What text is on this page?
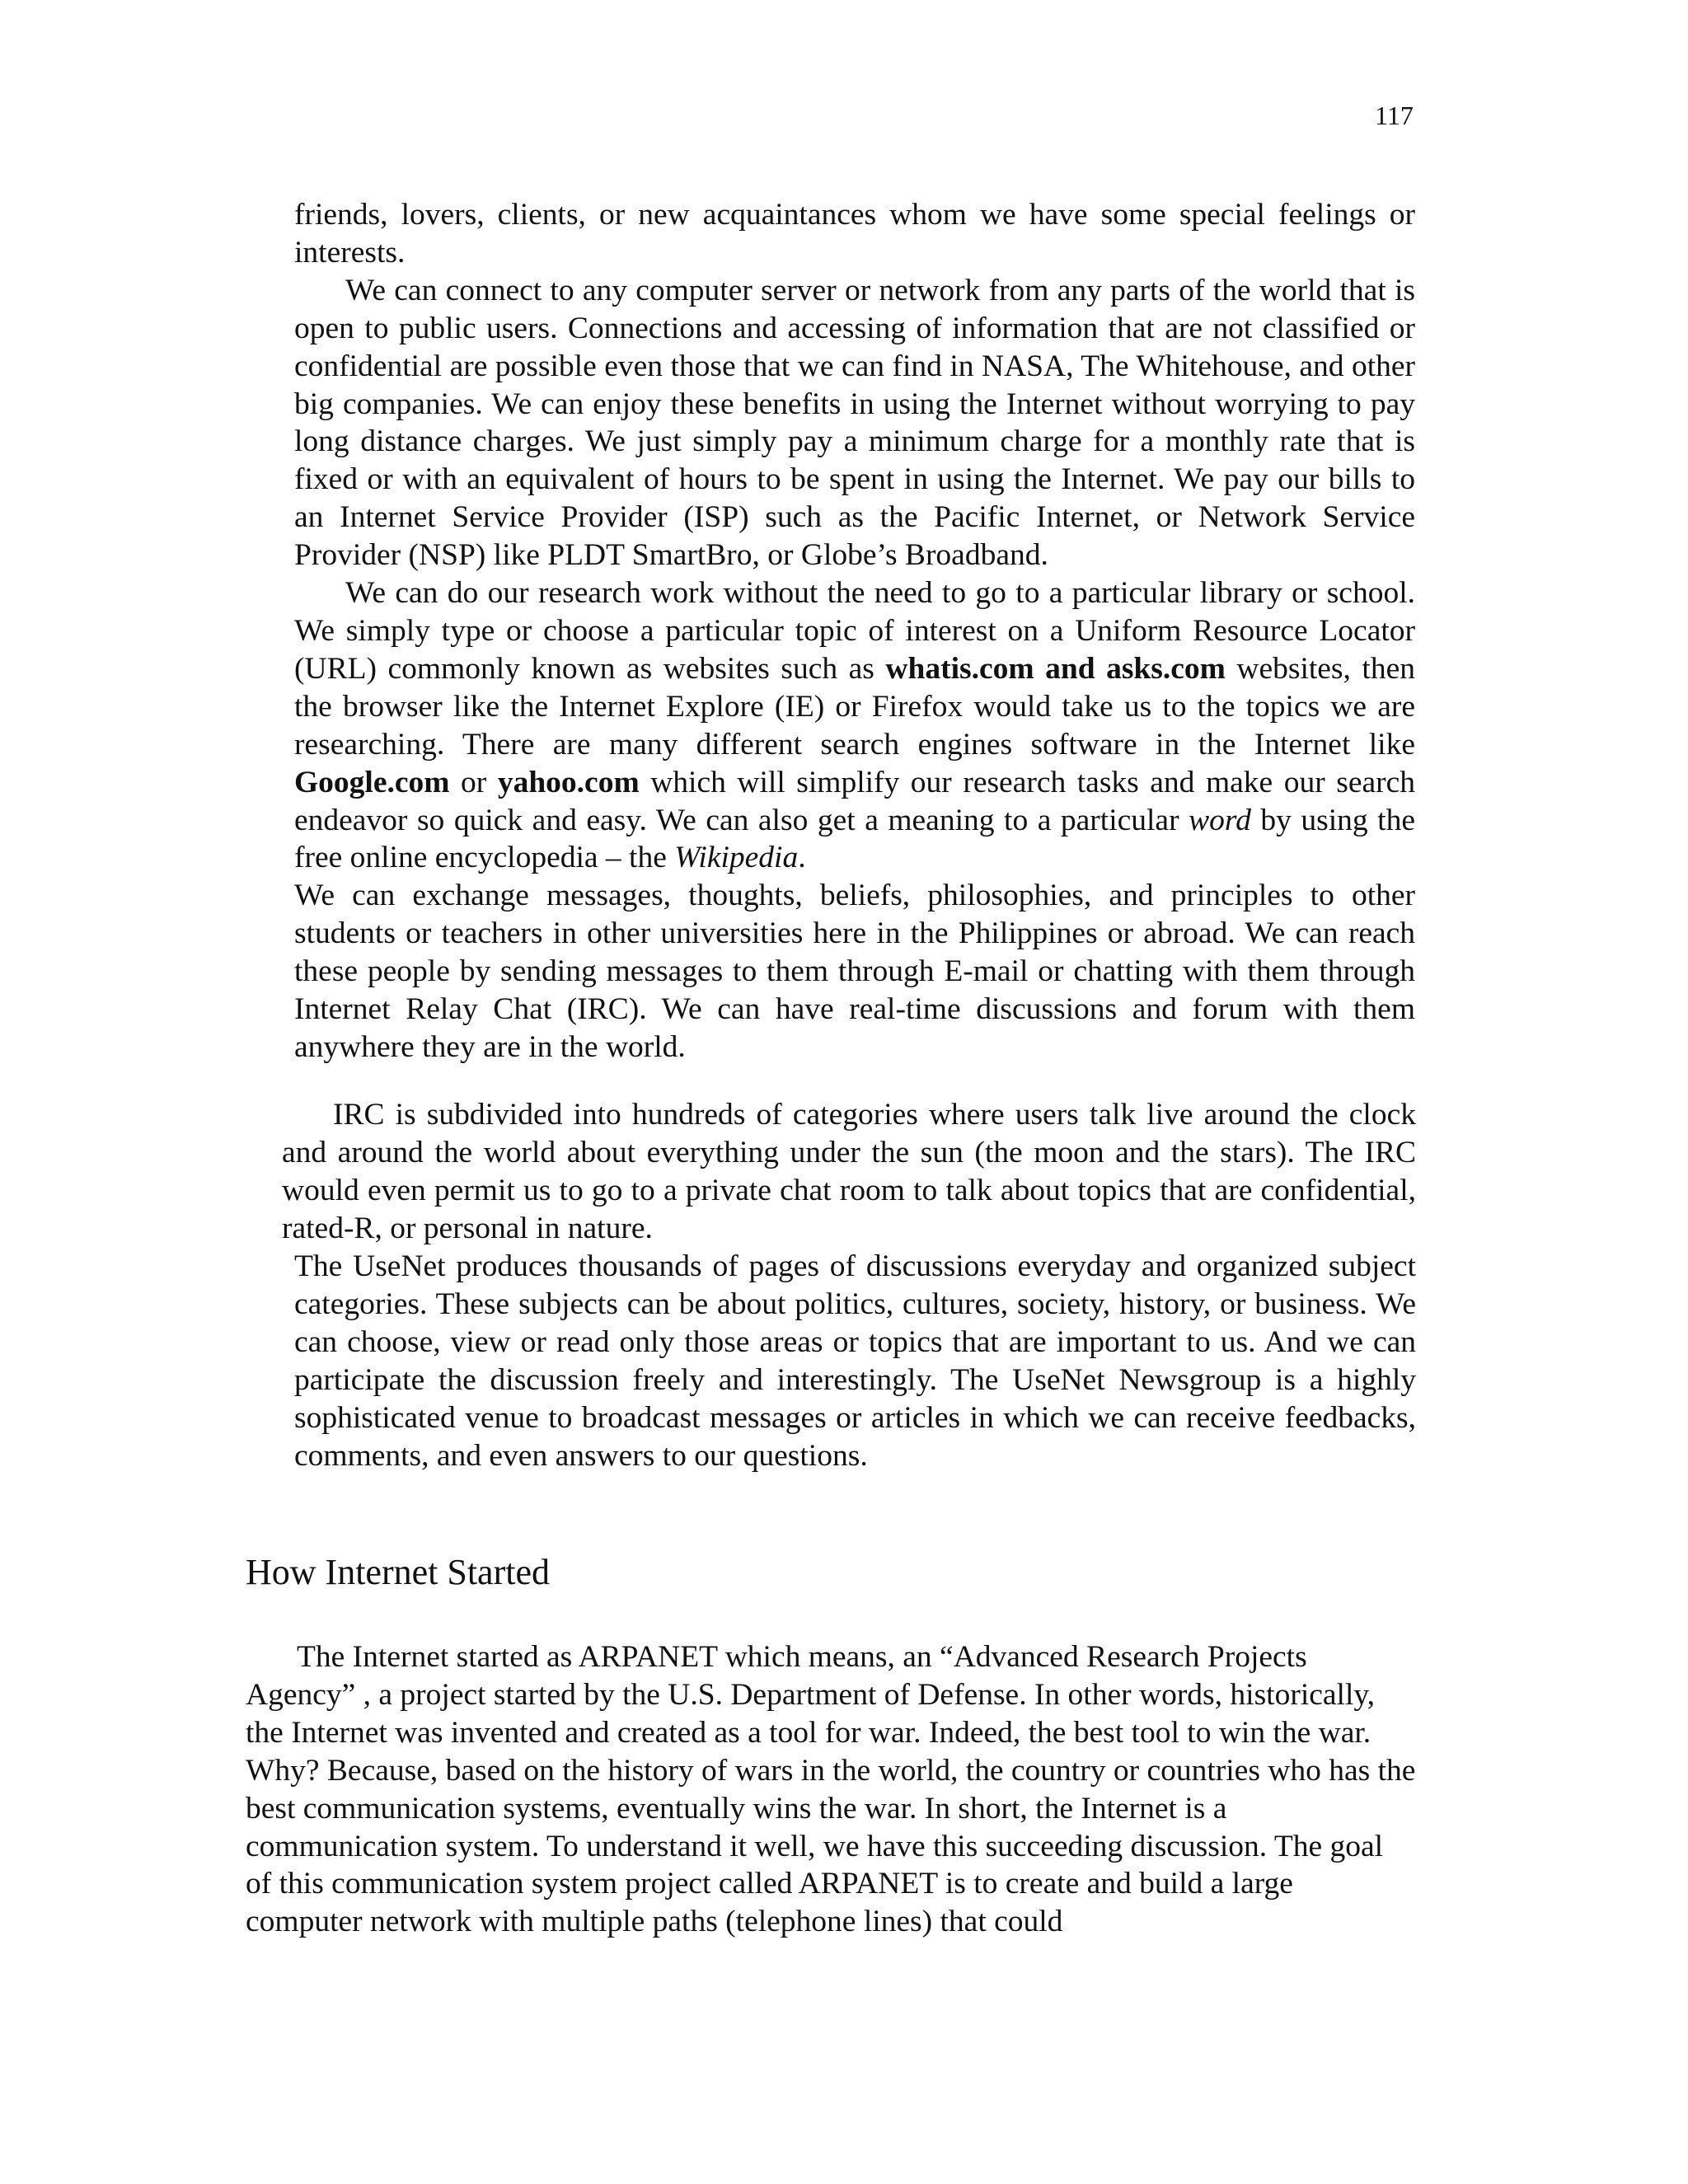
117

friends, lovers, clients, or new acquaintances whom we have some special feelings or interests.

We can connect to any computer server or network from any parts of the world that is open to public users. Connections and accessing of information that are not classified or confidential are possible even those that we can find in NASA, The Whitehouse, and other big companies. We can enjoy these benefits in using the Internet without worrying to pay long distance charges. We just simply pay a minimum charge for a monthly rate that is fixed or with an equivalent of hours to be spent in using the Internet. We pay our bills to an Internet Service Provider (ISP) such as the Pacific Internet, or Network Service Provider (NSP) like PLDT SmartBro, or Globe’s Broadband.

We can do our research work without the need to go to a particular library or school. We simply type or choose a particular topic of interest on a Uniform Resource Locator (URL) commonly known as websites such as whatis.com and asks.com websites, then the browser like the Internet Explore (IE) or Firefox would take us to the topics we are researching. There are many different search engines software in the Internet like Google.com or yahoo.com which will simplify our research tasks and make our search endeavor so quick and easy. We can also get a meaning to a particular word by using the free online encyclopedia – the Wikipedia.

We can exchange messages, thoughts, beliefs, philosophies, and principles to other students or teachers in other universities here in the Philippines or abroad. We can reach these people by sending messages to them through E-mail or chatting with them through Internet Relay Chat (IRC). We can have real-time discussions and forum with them anywhere they are in the world.

IRC is subdivided into hundreds of categories where users talk live around the clock and around the world about everything under the sun (the moon and the stars). The IRC would even permit us to go to a private chat room to talk about topics that are confidential, rated-R, or personal in nature.

The UseNet produces thousands of pages of discussions everyday and organized subject categories. These subjects can be about politics, cultures, society, history, or business. We can choose, view or read only those areas or topics that are important to us. And we can participate the discussion freely and interestingly. The UseNet Newsgroup is a highly sophisticated venue to broadcast messages or articles in which we can receive feedbacks, comments, and even answers to our questions.

How Internet Started

The Internet started as ARPANET which means, an “Advanced Research Projects Agency” , a project started by the U.S. Department of Defense. In other words, historically, the Internet was invented and created as a tool for war. Indeed, the best tool to win the war. Why? Because, based on the history of wars in the world, the country or countries who has the best communication systems, eventually wins the war. In short, the Internet is a communication system. To understand it well, we have this succeeding discussion. The goal of this communication system project called ARPANET is to create and build a large computer network with multiple paths (telephone lines) that could
